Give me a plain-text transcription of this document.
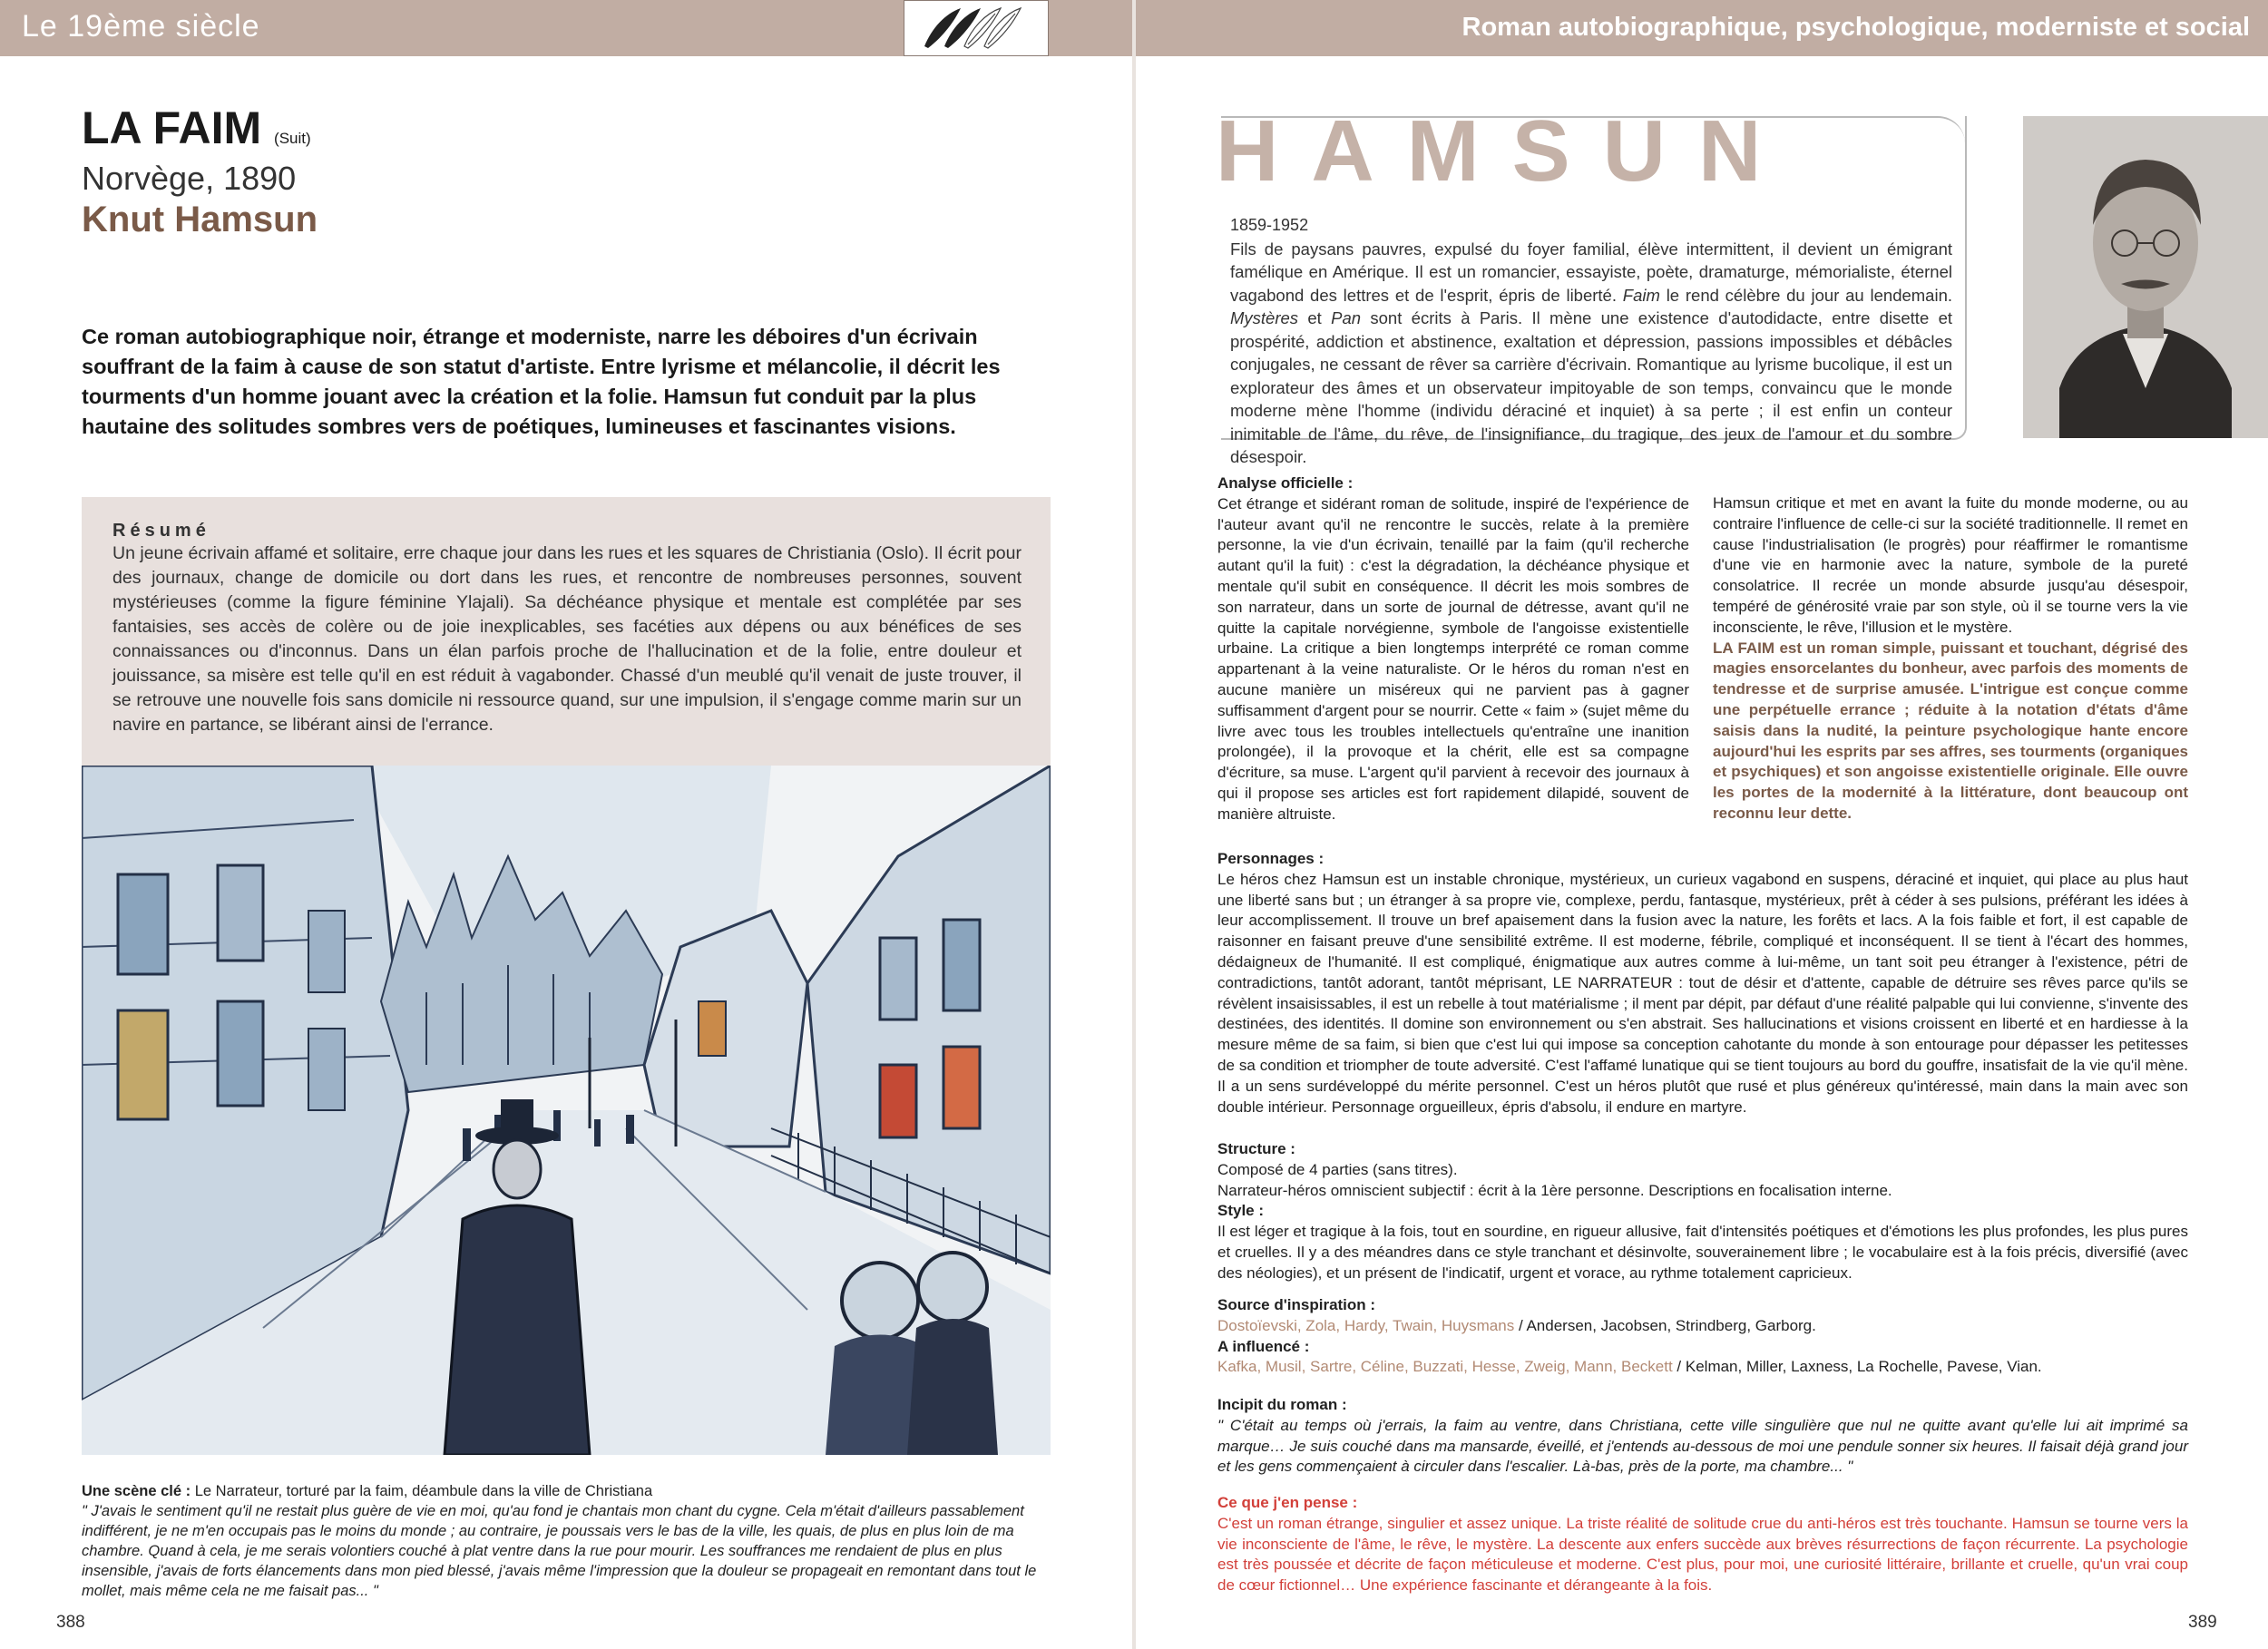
Le 19ème siècle	Roman autobiographique, psychologique, moderniste et social
LA FAIM (Suit)
Norvège, 1890
Knut Hamsun
Ce roman autobiographique noir, étrange et moderniste, narre les déboires d'un écrivain souffrant de la faim à cause de son statut d'artiste. Entre lyrisme et mélancolie, il décrit les tourments d'un homme jouant avec la création et la folie. Hamsun fut conduit par la plus hautaine des solitudes sombres vers de poétiques, lumineuses et fascinantes visions.
Résumé
Un jeune écrivain affamé et solitaire, erre chaque jour dans les rues et les squares de Christiania (Oslo). Il écrit pour des journaux, change de domicile ou dort dans les rues, et rencontre de nombreuses personnes, souvent mystérieuses (comme la figure féminine Ylajali). Sa déchéance physique et mentale est complétée par ses fantaisies, ses accès de colère ou de joie inexplicables, ses facéties aux dépens ou aux bénéfices de ses connaissances ou d'inconnus. Dans un élan parfois proche de l'hallucination et de la folie, entre douleur et jouissance, sa misère est telle qu'il en est réduit à vagabonder. Chassé d'un meublé qu'il venait de juste trouver, il se retrouve une nouvelle fois sans domicile ni ressource quand, sur une impulsion, il s'engage comme marin sur un navire en partance, se libérant ainsi de l'errance.
Une scène clé : Le Narrateur, torturé par la faim, déambule dans la ville de Christiana
" J'avais le sentiment qu'il ne restait plus guère de vie en moi, qu'au fond je chantais mon chant du cygne. Cela m'était d'ailleurs passablement indifférent, je ne m'en occupais pas le moins du monde ; au contraire, je poussais vers le bas de la ville, les quais, de plus en plus loin de ma chambre. Quand à cela, je me serais volontiers couché à plat ventre dans la rue pour mourir. Les souffrances me rendaient de plus en plus insensible, j'avais de forts élancements dans mon pied blessé, j'avais même l'impression que la douleur se propageait en remontant dans tout le mollet, mais même cela ne me faisait pas... "
388
HAMSUN
1859-1952
Fils de paysans pauvres, expulsé du foyer familial, élève intermittent, il devient un émigrant famélique en Amérique. Il est un romancier, essayiste, poète, dramaturge, mémorialiste, éternel vagabond des lettres et de l'esprit, épris de liberté. Faim le rend célèbre du jour au lendemain. Mystères et Pan sont écrits à Paris. Il mène une existence d'autodidacte, entre disette et prospérité, addiction et abstinence, exaltation et dépression, passions impossibles et débâcles conjugales, ne cessant de rêver sa carrière d'écrivain. Romantique au lyrisme bucolique, il est un explorateur des âmes et un observateur impitoyable de son temps, convaincu que le monde moderne mène l'homme (individu déraciné et inquiet) à sa perte ; il est enfin un conteur inimitable de l'âme, du rêve, de l'insignifiance, du tragique, des jeux de l'amour et du sombre désespoir.
Analyse officielle :
Cet étrange et sidérant roman de solitude, inspiré de l'expérience de l'auteur avant qu'il ne rencontre le succès, relate à la première personne, la vie d'un écrivain, tenaillé par la faim (qu'il recherche autant qu'il la fuit) : c'est la dégradation, la déchéance physique et mentale qu'il subit en conséquence. Il décrit les mois sombres de son narrateur, dans un sorte de journal de détresse, avant qu'il ne quitte la capitale norvégienne, symbole de l'angoisse existentielle urbaine. La critique a bien longtemps interprété ce roman comme appartenant à la veine naturaliste. Or le héros du roman n'est en aucune manière un miséreux qui ne parvient pas à gagner suffisamment d'argent pour se nourrir. Cette « faim » (sujet même du livre avec tous les troubles intellectuels qu'entraîne une inanition prolongée), il la provoque et la chérit, elle est sa compagne d'écriture, sa muse. L'argent qu'il parvient à recevoir des journaux à qui il propose ses articles est fort rapidement dilapidé, souvent de manière altruiste.
Hamsun critique et met en avant la fuite du monde moderne, ou au contraire l'influence de celle-ci sur la société traditionnelle. Il remet en cause l'industrialisation (le progrès) pour réaffirmer le romantisme d'une vie en harmonie avec la nature, symbole de la pureté consolatrice. Il recrée un monde absurde jusqu'au désespoir, tempéré de générosité vraie par son style, où il se tourne vers la vie inconsciente, le rêve, l'illusion et le mystère.
LA FAIM est un roman simple, puissant et touchant, dégrisé des magies ensorcelantes du bonheur, avec parfois des moments de tendresse et de surprise amusée. L'intrigue est conçue comme une perpétuelle errance ; réduite à la notation d'états d'âme saisis dans la nudité, la peinture psychologique hante encore aujourd'hui les esprits par ses affres, ses tourments (organiques et psychiques) et son angoisse existentielle originale. Elle ouvre les portes de la modernité à la littérature, dont beaucoup ont reconnu leur dette.
Personnages :
Le héros chez Hamsun est un instable chronique, mystérieux, un curieux vagabond en suspens, déraciné et inquiet, qui place au plus haut une liberté sans but ; un étranger à sa propre vie, complexe, perdu, fantasque, mystérieux, prêt à céder à ses pulsions, préférant les idées à leur accomplissement. Il trouve un bref apaisement dans la fusion avec la nature, les forêts et lacs. A la fois faible et fort, il est capable de raisonner en faisant preuve d'une sensibilité extrême. Il est moderne, fébrile, compliqué et inconséquent. Il se tient à l'écart des hommes, dédaigneux de l'humanité. Il est compliqué, énigmatique aux autres comme à lui-même, un tant soit peu étranger à l'existence, pétri de contradictions, tantôt adorant, tantôt méprisant, LE NARRATEUR : tout de désir et d'attente, capable de détruire ses rêves parce qu'ils se révèlent insaisissables, il est un rebelle à tout matérialisme ; il ment par dépit, par défaut d'une réalité palpable qui lui convienne, s'invente des destinées, des identités. Il domine son environnement ou s'en abstrait. Ses hallucinations et visions croissent en liberté et en hardiesse à la mesure même de sa faim, si bien que c'est lui qui impose sa conception cahotante du monde à son entourage pour dépasser les petitesses de sa condition et triompher de toute adversité. C'est l'affamé lunatique qui se tient toujours au bord du gouffre, insatisfait de la vie qu'il mène. Il a un sens surdéveloppé du mérite personnel. C'est un héros plutôt que rusé et plus généreux qu'intéressé, main dans la main avec son double intérieur. Personnage orgueilleux, épris d'absolu, il endure en martyre.
Structure :
Composé de 4 parties (sans titres).
Narrateur-héros omniscient subjectif : écrit à la 1ère personne. Descriptions en focalisation interne.
Style :
Il est léger et tragique à la fois, tout en sourdine, en rigueur allusive, fait d'intensités poétiques et d'émotions les plus profondes, les plus pures et cruelles. Il y a des méandres dans ce style tranchant et désinvolte, souverainement libre ; le vocabulaire est à la fois précis, diversifié (avec des néologies), et un présent de l'indicatif, urgent et vorace, au rythme totalement capricieux.
Source d'inspiration :
Dostoïevski, Zola, Hardy, Twain, Huysmans / Andersen, Jacobsen, Strindberg, Garborg.
A influencé :
Kafka, Musil, Sartre, Céline, Buzzati, Hesse, Zweig, Mann, Beckett / Kelman, Miller, Laxness, La Rochelle, Pavese, Vian.
Incipit du roman :
" C'était au temps où j'errais, la faim au ventre, dans Christiana, cette ville singulière que nul ne quitte avant qu'elle lui ait imprimé sa marque… Je suis couché dans ma mansarde, éveillé, et j'entends au-dessous de moi une pendule sonner six heures. Il faisait déjà grand jour et les gens commençaient à circuler dans l'escalier. Là-bas, près de la porte, ma chambre... "
Ce que j'en pense :
C'est un roman étrange, singulier et assez unique. La triste réalité de solitude crue du anti-héros est très touchante. Hamsun se tourne vers la vie inconsciente de l'âme, le rêve, le mystère. La descente aux enfers succède aux brèves résurrections de façon récurrente. La psychologie est très poussée et décrite de façon méticuleuse et moderne. C'est plus, pour moi, une curiosité littéraire, brillante et cruelle, qu'un vrai coup de cœur fictionnel… Une expérience fascinante et dérangeante à la fois.
389
